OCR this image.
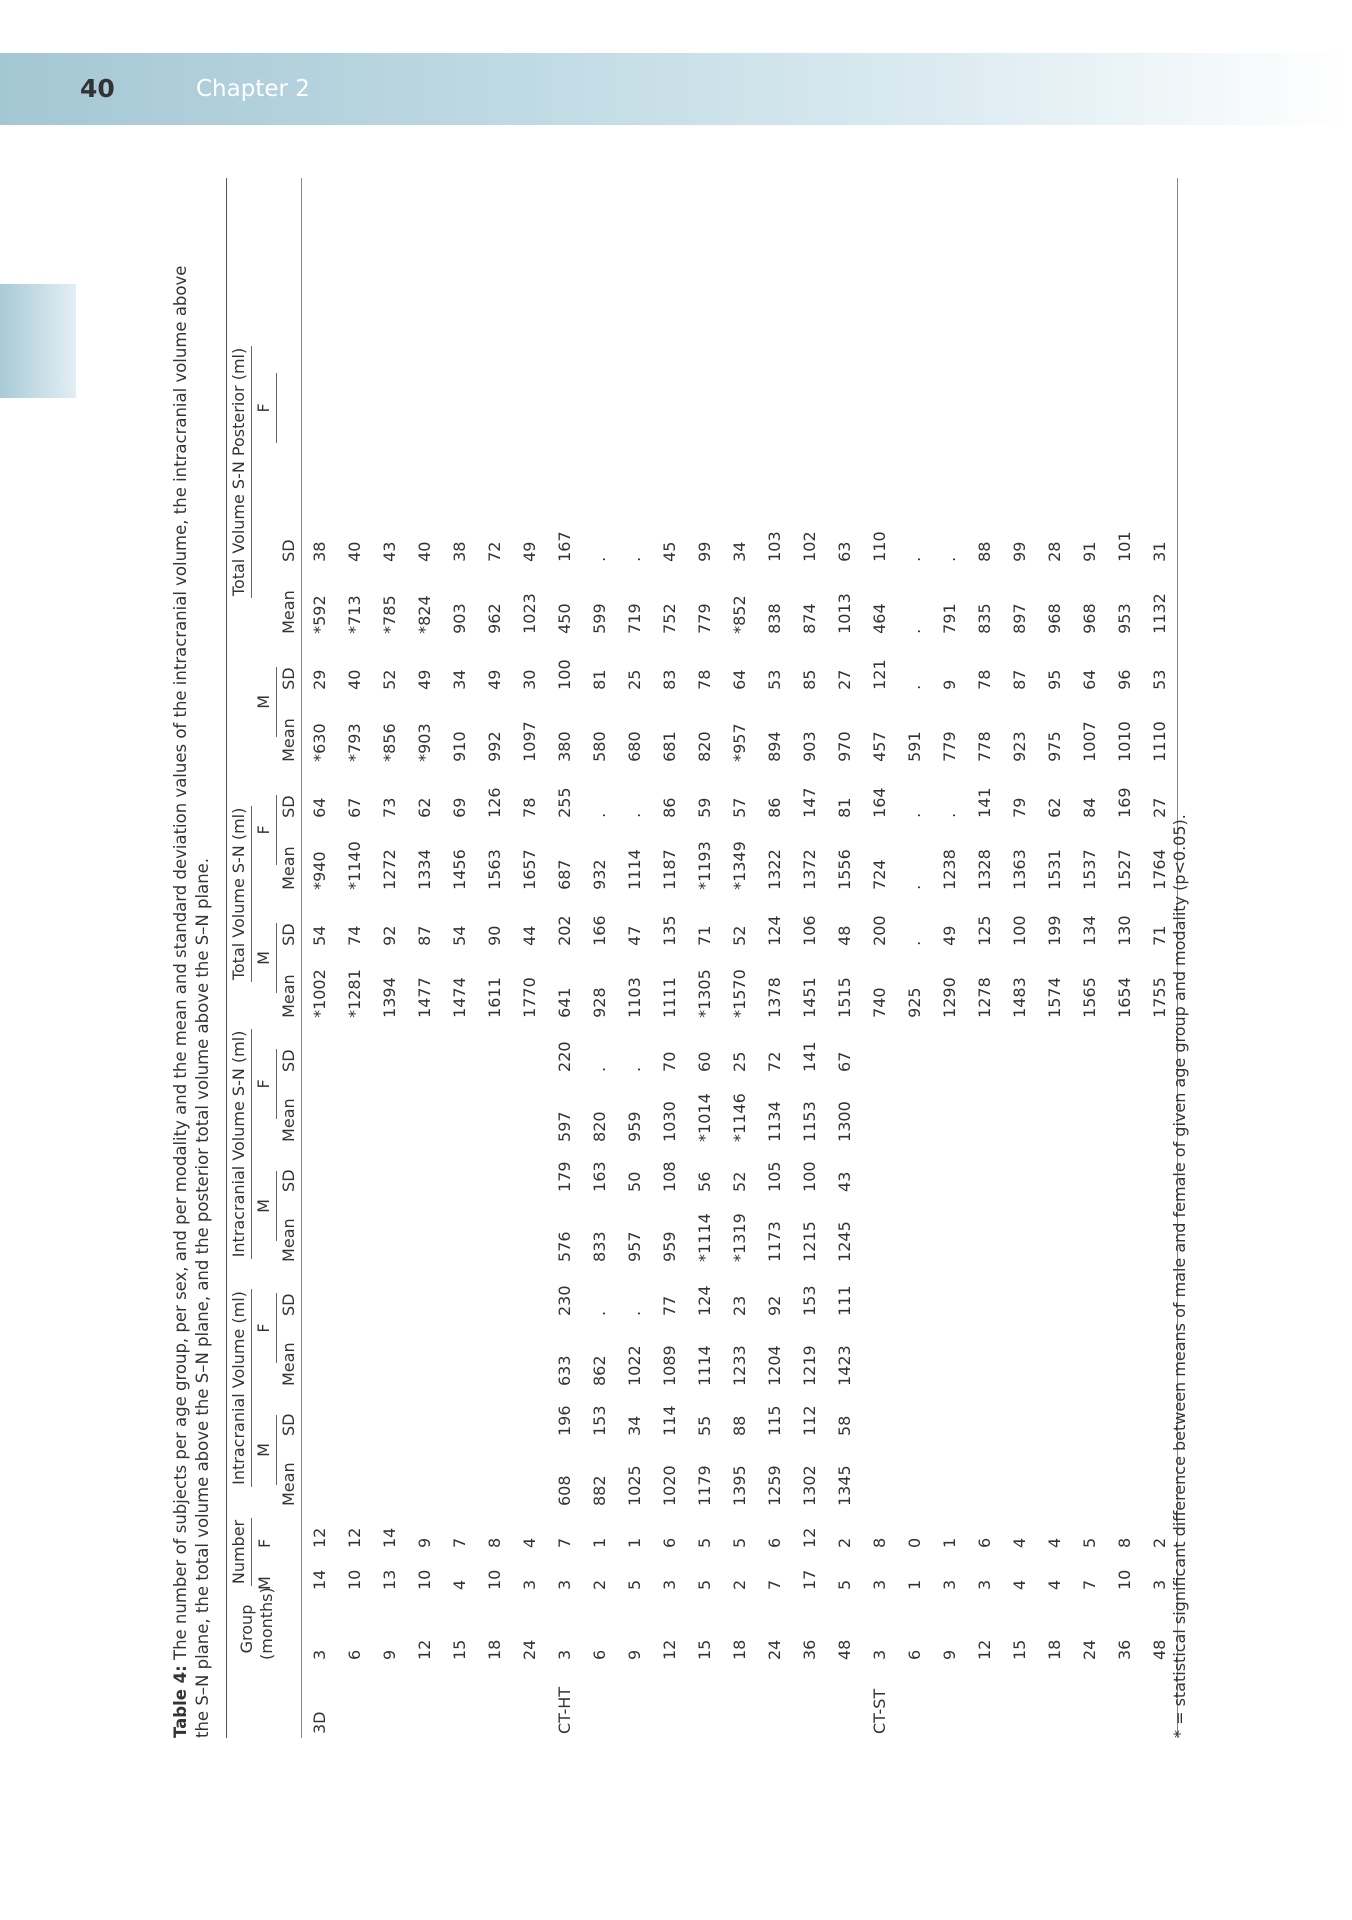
40	Chapter 2
Table 4: The number of subjects per age group, per sex, and per modality and the mean and standard deviation values of the intracranial volume, the intracranial volume above the S–N plane, the total volume above the S–N plane, and the posterior total volume above the S–N plane.
	Group (months)	Number		Intracranial Volume (ml)				Intracranial Volume S-N (ml)				Total Volume S-N (ml)				Total Volume S-N Posterior (ml)			
		M	F	M		F		M		F		M		F		M		F	
				Mean	SD	Mean	SD	Mean	SD	Mean	SD	Mean	SD	Mean	SD	Mean	SD	Mean	SD
3D	3	14	12									*1002	54	*940	64	*630	29	*592	38
	6	10	12									*1281	74	*1140	67	*793	40	*713	40
	9	13	14									1394	92	1272	73	*856	52	*785	43
	12	10	9									1477	87	1334	62	*903	49	*824	40
	15	4	7									1474	54	1456	69	910	34	903	38
	18	10	8									1611	90	1563	126	992	49	962	72
	24	3	4									1770	44	1657	78	1097	30	1023	49
CT-HT	3	3	7	608	196	633	230	576	179	597	220	641	202	687	255	380	100	450	167
	6	2	1	882	153	862	.	833	163	820	.	928	166	932	.	580	81	599	.
	9	5	1	1025	34	1022	.	957	50	959	.	1103	47	1114	.	680	25	719	.
	12	3	6	1020	114	1089	77	959	108	1030	70	1111	135	1187	86	681	83	752	45
	15	5	5	1179	55	1114	124	*1114	56	*1014	60	*1305	71	*1193	59	820	78	779	99
	18	2	5	1395	88	1233	23	*1319	52	*1146	25	*1570	52	*1349	57	*957	64	*852	34
	24	7	6	1259	115	1204	92	1173	105	1134	72	1378	124	1322	86	894	53	838	103
	36	17	12	1302	112	1219	153	1215	100	1153	141	1451	106	1372	147	903	85	874	102
	48	5	2	1345	58	1423	111	1245	43	1300	67	1515	48	1556	81	970	27	1013	63
CT-ST	3	3	8									740	200	724	164	457	121	464	110
	6	1	0									925	.	.	.	591	.	.	.
	9	3	1									1290	49	1238	.	779	9	791	.
	12	3	6									1278	125	1328	141	778	78	835	88
	15	4	4									1483	100	1363	79	923	87	897	99
	18	4	4									1574	199	1531	62	975	95	968	28
	24	7	5									1565	134	1537	84	1007	64	968	91
	36	10	8									1654	130	1527	169	1010	96	953	101
	48	3	2									1755	71	1764	27	1110	53	1132	31
* = statistical significant difference between means of male and female of given age group and modality (p<0.05).
